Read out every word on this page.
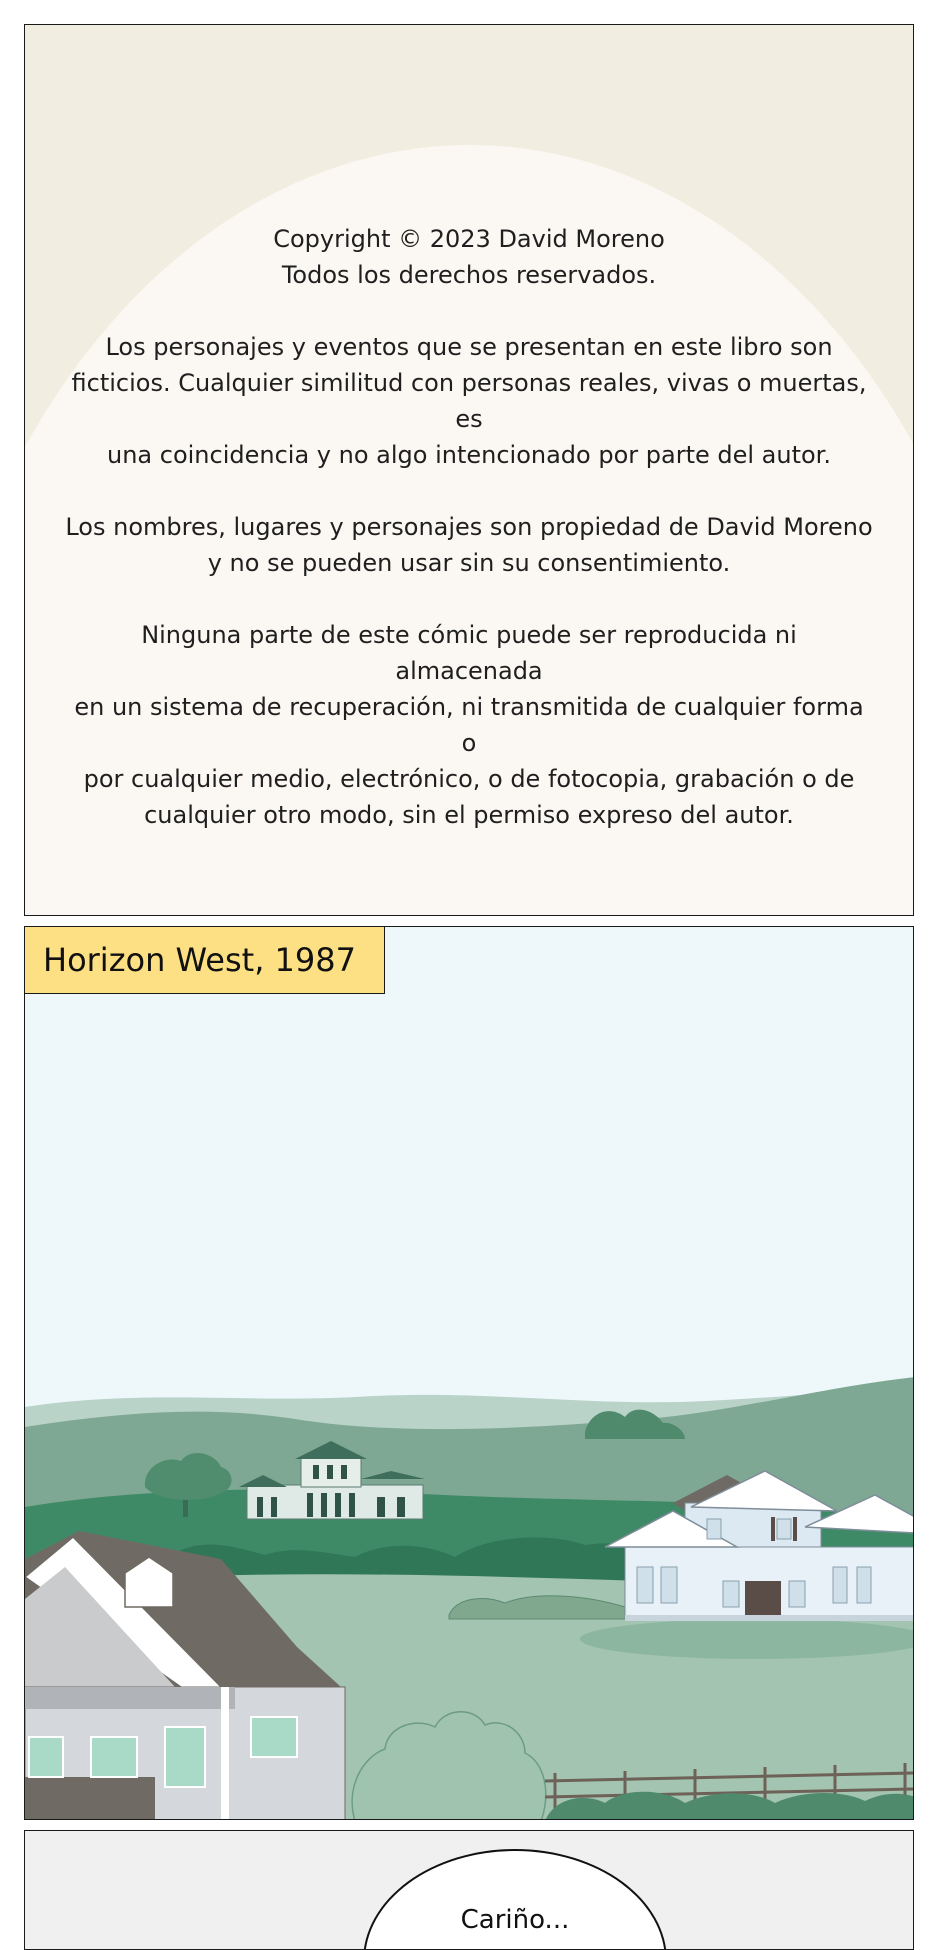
Copyright © 2023 David Moreno
Todos los derechos reservados.

Los personajes y eventos que se presentan en este libro son
ficticios. Cualquier similitud con personas reales, vivas o muertas, es
una coincidencia y no algo intencionado por parte del autor.

Los nombres, lugares y personajes son propiedad de David Moreno
y no se pueden usar sin su consentimiento.

Ninguna parte de este cómic puede ser reproducida ni almacenada
en un sistema de recuperación, ni transmitida de cualquier forma o
por cualquier medio, electrónico, o de fotocopia, grabación o de
cualquier otro modo, sin el permiso expreso del autor.

Horizon West, 1987
Cariño...
